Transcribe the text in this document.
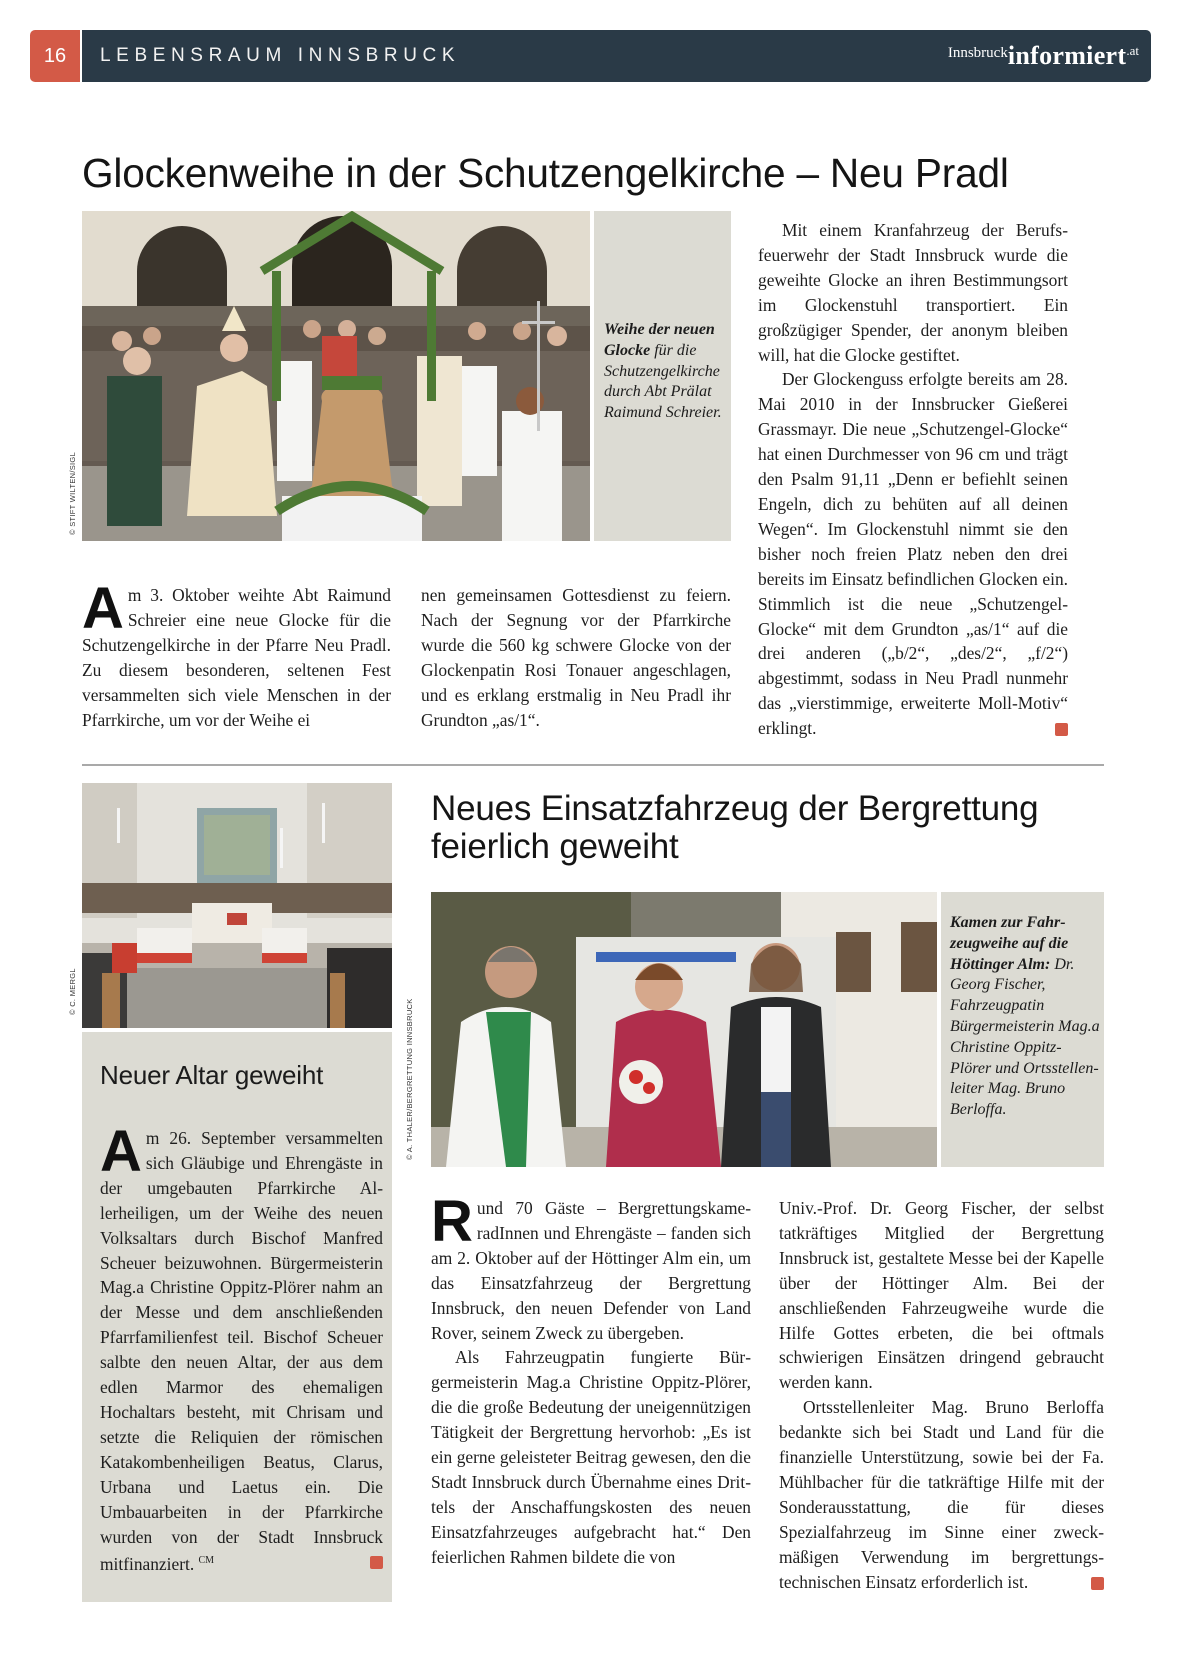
16	LEBENSRAUM INNSBRUCK	Innsbruckinformiert$^{.at}$
Glockenweihe in der Schutzengelkirche – Neu Pradl
© STIFT WILTEN/SIGL
Weihe der neuen Glocke für die Schutzengelkirche durch Abt Prälat Raimund Schreier.

Am 3. Oktober weihte Abt Raimund Schreier eine neue Glocke für die Schutzengelkirche in der Pfarre Neu Pradl. Zu diesem besonderen, seltenen Fest versammelten sich viele Menschen in der Pfarrkirche, um vor der Weihe ei

nen gemeinsamen Gottesdienst zu feiern. Nach der Segnung vor der Pfarrkirche wurde die 560 kg schwere Glocke von der Glockenpatin Rosi Tonauer angeschlagen, und es erklang erstmalig in Neu Pradl ihr Grundton „as/1“.

Mit einem Kranfahrzeug der Berufsfeuerwehr der Stadt Innsbruck wurde die geweihte Glocke an ihren Bestimmungsort im Glockenstuhl transportiert. Ein großzügiger Spender, der anonym bleiben will, hat die Glocke gestiftet.

Der Glockenguss erfolgte bereits am 28. Mai 2010 in der Innsbrucker Gießerei Grassmayr. Die neue „Schutzengel-Glocke“ hat einen Durchmesser von 96 cm und trägt den Psalm 91,11 „Denn er befiehlt seinen Engeln, dich zu behüten auf all deinen Wegen“. Im Glockenstuhl nimmt sie den bisher noch freien Platz neben den drei bereits im Einsatz befindlichen Glocken ein. Stimmlich ist die neue „Schutzengel-Glocke“ mit dem Grundton „as/1“ auf die drei anderen („b/2“, „des/2“, „f/2“) abgestimmt, sodass in Neu Pradl nunmehr das „vierstimmige, erweiterte Moll-Motiv“ erklingt.

© C. MERGL
Neuer Altar geweiht

Am 26. September versammelten sich Gläubige und Ehrengäste in der umgebauten Pfarrkirche Allerheiligen, um der Weihe des neuen Volksaltars durch Bischof Manfred Scheuer beizuwohnen. Bürgermeisterin Mag.a Christine Oppitz-Plörer nahm an der Messe und dem anschließenden Pfarrfamilienfest teil. Bischof Scheuer salbte den neuen Altar, der aus dem edlen Marmor des ehemaligen Hochaltars besteht, mit Chrisam und setzte die Reliquien der römischen Katakombenheiligen Beatus, Clarus, Urbana und Laetus ein. Die Umbauarbeiten in der Pfarrkirche wurden von der Stadt Innsbruck mitfinanziert. $^{CM}$

Neues Einsatzfahrzeug der Bergrettung feierlich geweiht
© A. THALER/BERGRETTUNG INNSBRUCK
Kamen zur Fahrzeugweihe auf die Höttinger Alm: Dr. Georg Fischer, Fahrzeugpatin Bürgermeisterin Mag.a Christine Oppitz-Plörer und Ortsstellenleiter Mag. Bruno Berloffa.

Rund 70 Gäste – BergrettungskameradInnen und Ehrengäste – fanden sich am 2. Oktober auf der Höttinger Alm ein, um das Einsatzfahrzeug der Bergrettung Innsbruck, den neuen Defender von Land Rover, seinem Zweck zu übergeben.

Als Fahrzeugpatin fungierte Bürgermeisterin Mag.a Christine Oppitz-Plörer, die die große Bedeutung der uneigennützigen Tätigkeit der Bergrettung hervorhob: „Es ist ein gerne geleisteter Beitrag gewesen, den die Stadt Innsbruck durch Übernahme eines Drittels der Anschaffungskosten des neuen Einsatzfahrzeuges aufgebracht hat.“ Den feierlichen Rahmen bildete die von

Univ.-Prof. Dr. Georg Fischer, der selbst tatkräftiges Mitglied der Bergrettung Innsbruck ist, gestaltete Messe bei der Kapelle über der Höttinger Alm. Bei der anschließenden Fahrzeugweihe wurde die Hilfe Gottes erbeten, die bei oftmals schwierigen Einsätzen dringend gebraucht werden kann.

Ortsstellenleiter Mag. Bruno Berloffa bedankte sich bei Stadt und Land für die finanzielle Unterstützung, sowie bei der Fa. Mühlbacher für die tatkräftige Hilfe mit der Sonderausstattung, die für dieses Spezialfahrzeug im Sinne einer zweckmäßigen Verwendung im bergrettungstechnischen Einsatz erforderlich ist.
